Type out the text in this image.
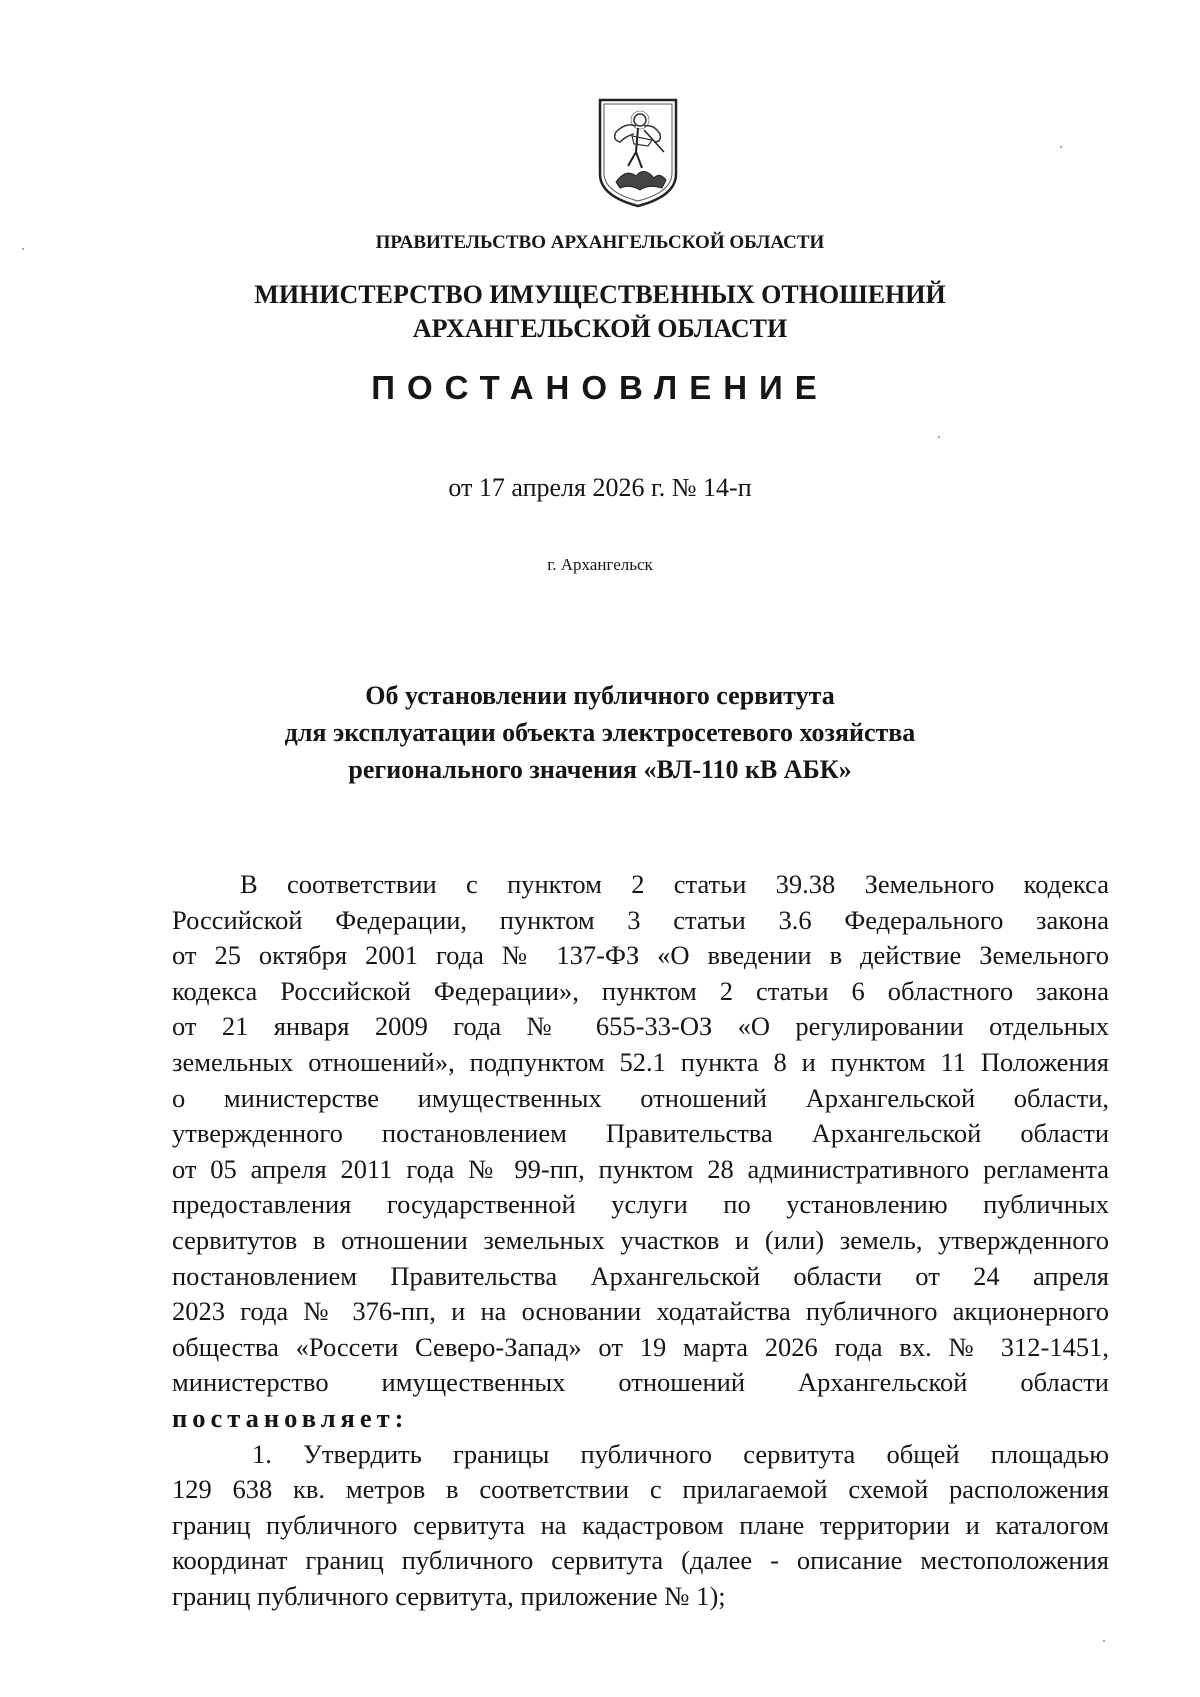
ПРАВИТЕЛЬСТВО АРХАНГЕЛЬСКОЙ ОБЛАСТИ
МИНИСТЕРСТВО ИМУЩЕСТВЕННЫХ ОТНОШЕНИЙ
АРХАНГЕЛЬСКОЙ ОБЛАСТИ
ПОСТАНОВЛЕНИЕ
от 17 апреля 2026 г. № 14-п
г. Архангельск
Об установлении публичного сервитута
для эксплуатации объекта электросетевого хозяйства
регионального значения «ВЛ-110 кВ АБК»
В соответствии с пунктом 2 статьи 39.38 Земельного кодекса
Российской Федерации, пунктом 3 статьи 3.6 Федерального закона
от 25 октября 2001 года № 137-ФЗ «О введении в действие Земельного
кодекса Российской Федерации», пунктом 2 статьи 6 областного закона
от 21 января 2009 года № 655-33-ОЗ «О регулировании отдельных
земельных отношений», подпунктом 52.1 пункта 8 и пунктом 11 Положения
о министерстве имущественных отношений Архангельской области,
утвержденного постановлением Правительства Архангельской области
от 05 апреля 2011 года № 99-пп, пунктом 28 административного регламента
предоставления государственной услуги по установлению публичных
сервитутов в отношении земельных участков и (или) земель, утвержденного
постановлением Правительства Архангельской области от 24 апреля
2023 года № 376-пп, и на основании ходатайства публичного акционерного
общества «Россети Северо-Запад» от 19 марта 2026 года вх. № 312-1451,
министерство имущественных отношений Архангельской области
постановляет:
1. Утвердить границы публичного сервитута общей площадью
129 638 кв. метров в соответствии с прилагаемой схемой расположения
границ публичного сервитута на кадастровом плане территории и каталогом
координат границ публичного сервитута (далее - описание местоположения
границ публичного сервитута, приложение № 1);
